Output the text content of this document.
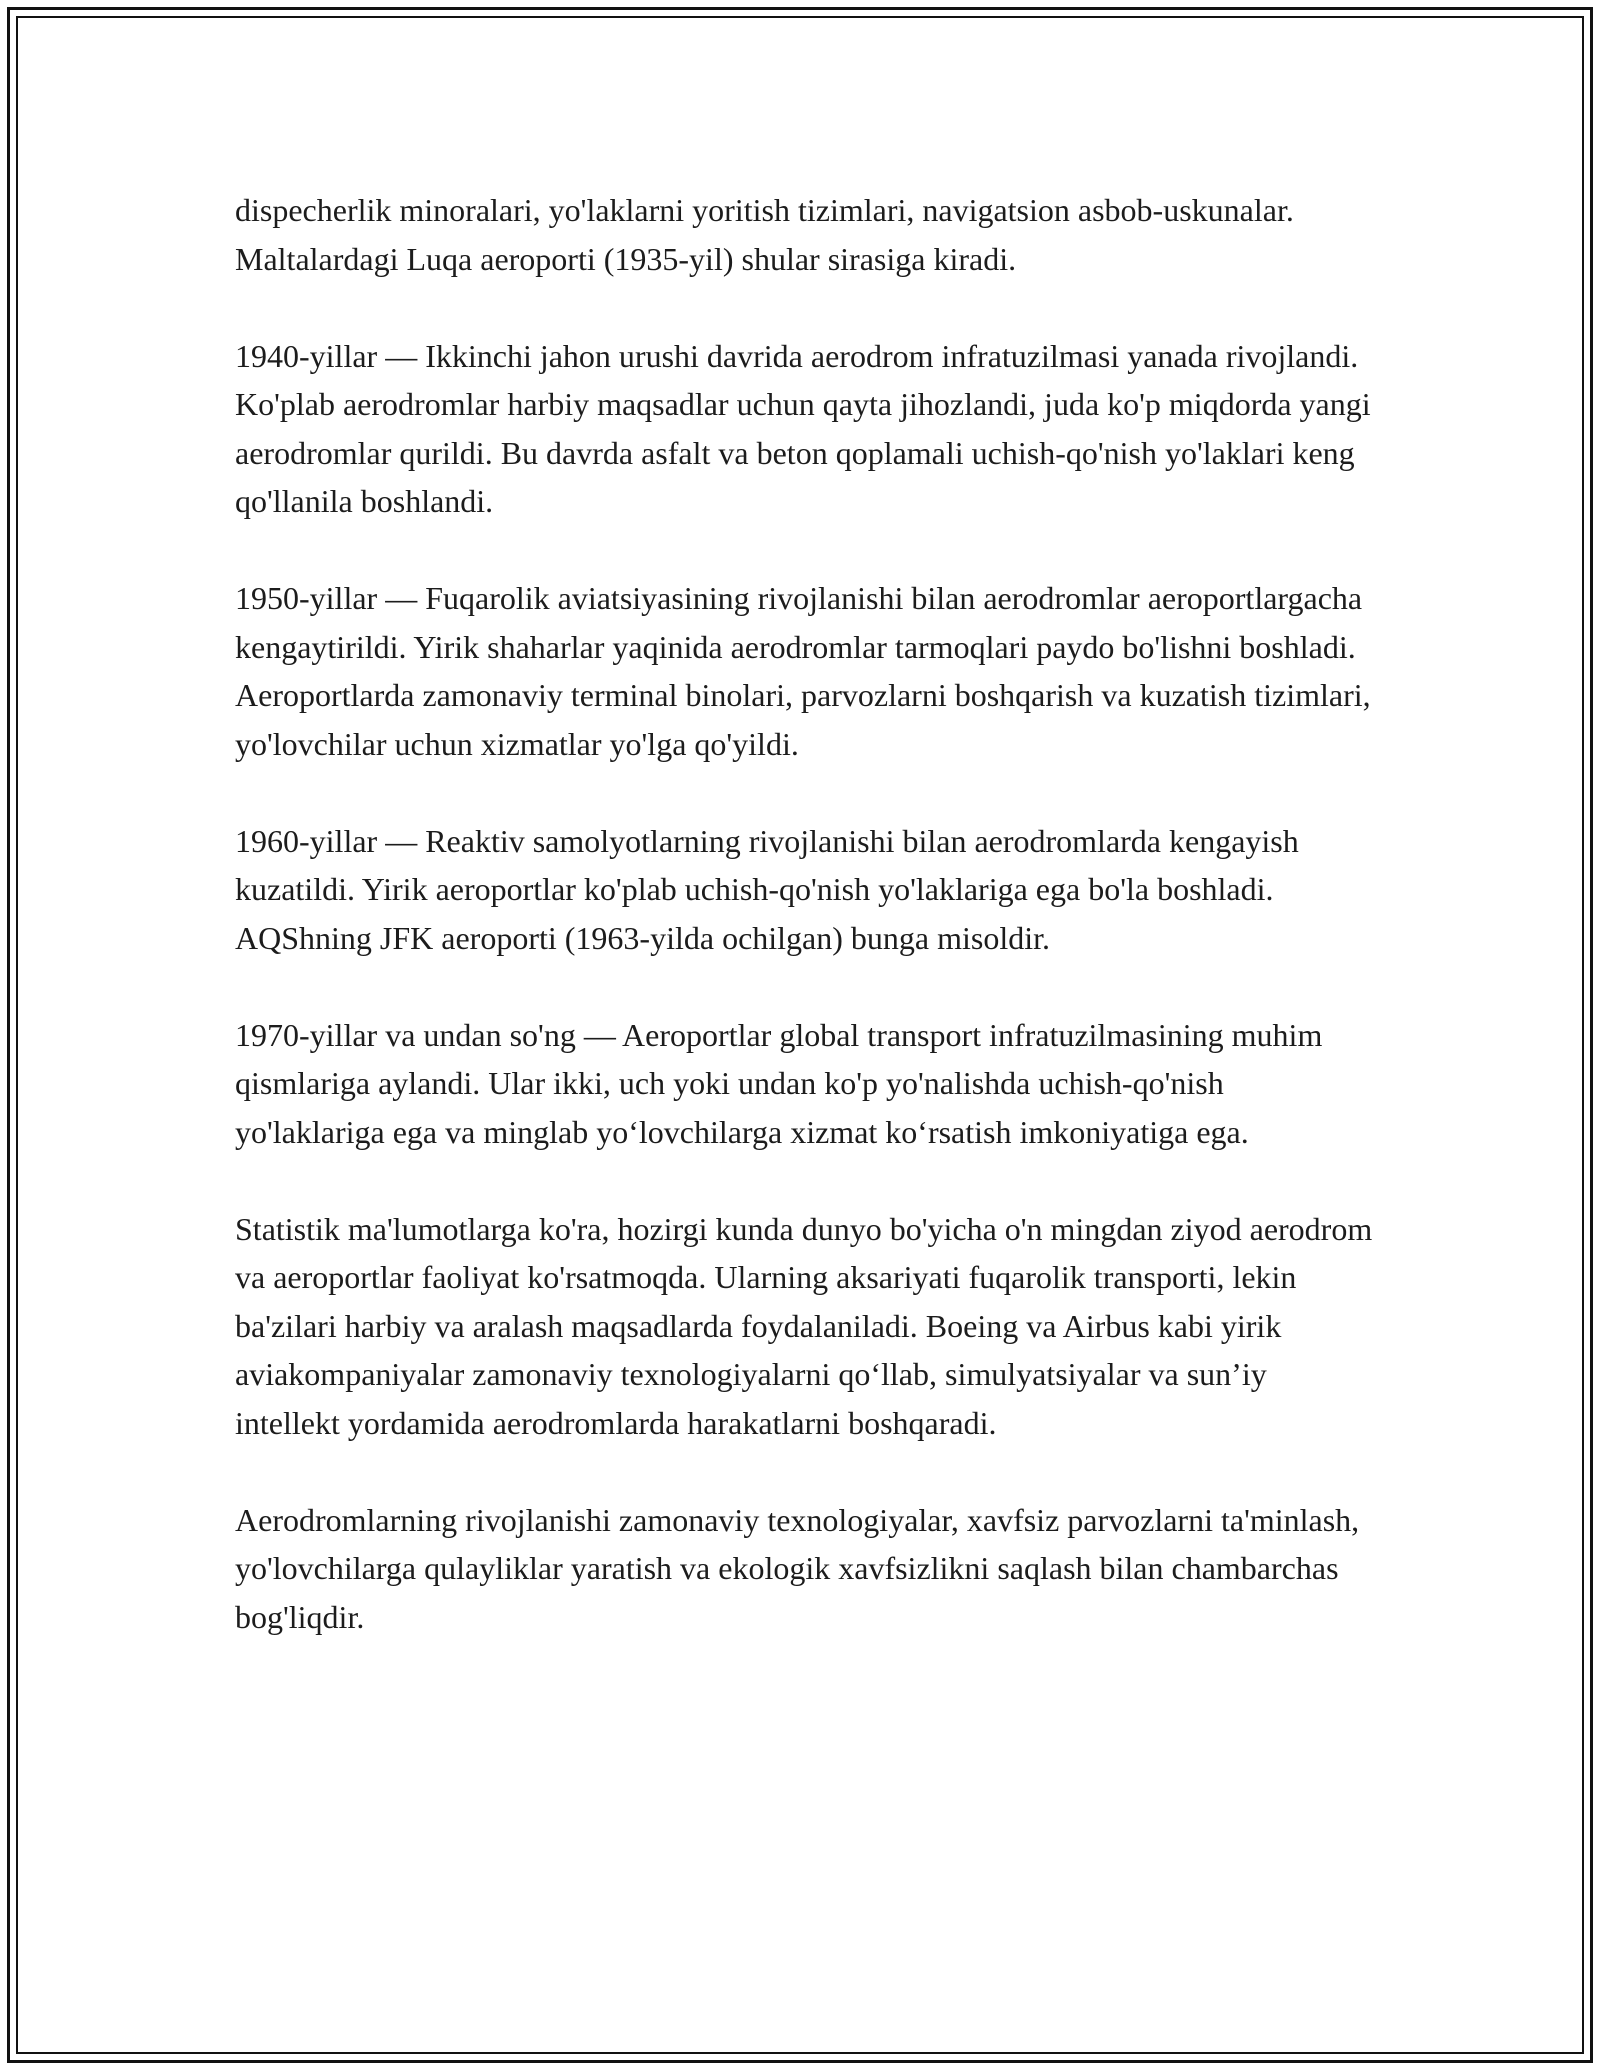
dispecherlik minoralari, yo'laklarni yoritish tizimlari, navigatsion asbob-uskunalar. Maltalardagi Luqa aeroporti (1935-yil) shular sirasiga kiradi.

1940-yillar — Ikkinchi jahon urushi davrida aerodrom infratuzilmasi yanada rivojlandi. Ko'plab aerodromlar harbiy maqsadlar uchun qayta jihozlandi, juda ko'p miqdorda yangi aerodromlar qurildi. Bu davrda asfalt va beton qoplamali uchish-qo'nish yo'laklari keng qo'llanila boshlandi.

1950-yillar — Fuqarolik aviatsiyasining rivojlanishi bilan aerodromlar aeroportlargacha kengaytirildi. Yirik shaharlar yaqinida aerodromlar tarmoqlari paydo bo'lishni boshladi. Aeroportlarda zamonaviy terminal binolari, parvozlarni boshqarish va kuzatish tizimlari, yo'lovchilar uchun xizmatlar yo'lga qo'yildi.

1960-yillar — Reaktiv samolyotlarning rivojlanishi bilan aerodromlarda kengayish kuzatildi. Yirik aeroportlar ko'plab uchish-qo'nish yo'laklariga ega bo'la boshladi. AQShning JFK aeroporti (1963-yilda ochilgan) bunga misoldir.

1970-yillar va undan so'ng — Aeroportlar global transport infratuzilmasining muhim qismlariga aylandi. Ular ikki, uch yoki undan ko'p yo'nalishda uchish-qo'nish yo'laklariga ega va minglab yo‘lovchilarga xizmat ko‘rsatish imkoniyatiga ega.

Statistik ma'lumotlarga ko'ra, hozirgi kunda dunyo bo'yicha o'n mingdan ziyod aerodrom va aeroportlar faoliyat ko'rsatmoqda. Ularning aksariyati fuqarolik transporti, lekin ba'zilari harbiy va aralash maqsadlarda foydalaniladi. Boeing va Airbus kabi yirik aviakompaniyalar zamonaviy texnologiyalarni qo‘llab, simulyatsiyalar va sun’iy intellekt yordamida aerodromlarda harakatlarni boshqaradi.

Aerodromlarning rivojlanishi zamonaviy texnologiyalar, xavfsiz parvozlarni ta'minlash, yo'lovchilarga qulayliklar yaratish va ekologik xavfsizlikni saqlash bilan chambarchas bog'liqdir.
